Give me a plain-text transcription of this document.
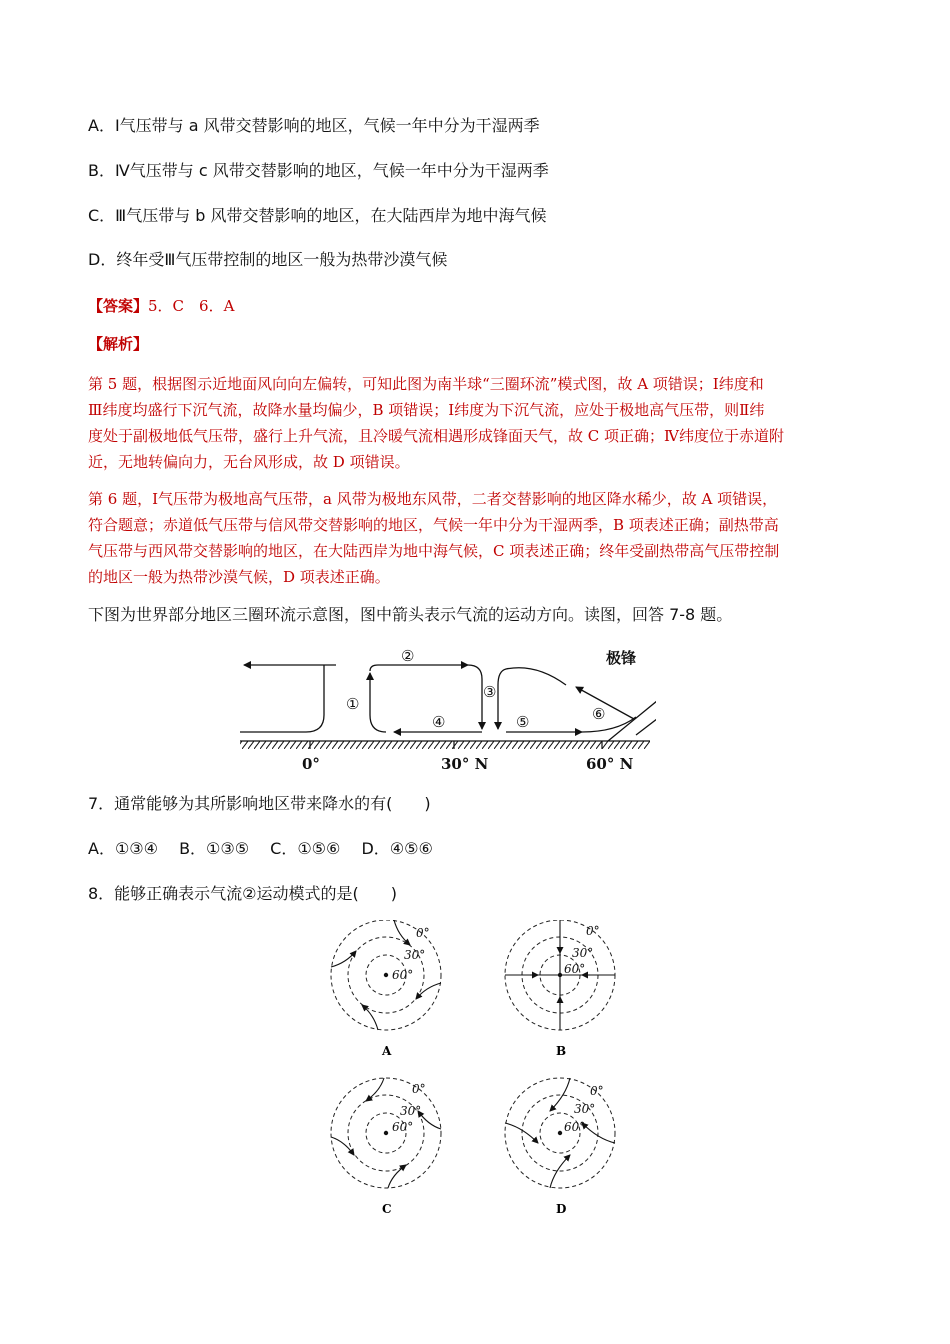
A．Ⅰ气压带与 a 风带交替影响的地区，气候一年中分为干湿两季
B．Ⅳ气压带与 c 风带交替影响的地区，气候一年中分为干湿两季
C．Ⅲ气压带与 b 风带交替影响的地区，在大陆西岸为地中海气候
D．终年受Ⅲ气压带控制的地区一般为热带沙漠气候
【答案】5．C　6．A
【解析】
第 5 题，根据图示近地面风向向左偏转，可知此图为南半球“三圈环流”模式图，故 A 项错误；Ⅰ纬度和
Ⅲ纬度均盛行下沉气流，故降水量均偏少，B 项错误；Ⅰ纬度为下沉气流，应处于极地高气压带，则Ⅱ纬
度处于副极地低气压带，盛行上升气流，且冷暖气流相遇形成锋面天气，故 C 项正确；Ⅳ纬度位于赤道附
近，无地转偏向力，无台风形成，故 D 项错误。
第 6 题，Ⅰ气压带为极地高气压带，a 风带为极地东风带，二者交替影响的地区降水稀少，故 A 项错误，
符合题意；赤道低气压带与信风带交替影响的地区，气候一年中分为干湿两季，B 项表述正确；副热带高
气压带与西风带交替影响的地区，在大陆西岸为地中海气候，C 项表述正确；终年受副热带高气压带控制
的地区一般为热带沙漠气候，D 项表述正确。
下图为世界部分地区三圈环流示意图，图中箭头表示气流的运动方向。读图，回答 7-8 题。
极锋
①
②
③
④	⑤	⑥
0°	30° N	60° N
7．通常能够为其所影响地区带来降水的有(　　)
A．①③④　 B．①③⑤　 C．①⑤⑥　 D．④⑤⑥
8．能够正确表示气流②运动模式的是(　　)
0°
30°
60°
A
0°
30°
60°
B
0°
30°
60°
C
0°
30°
60°
D
